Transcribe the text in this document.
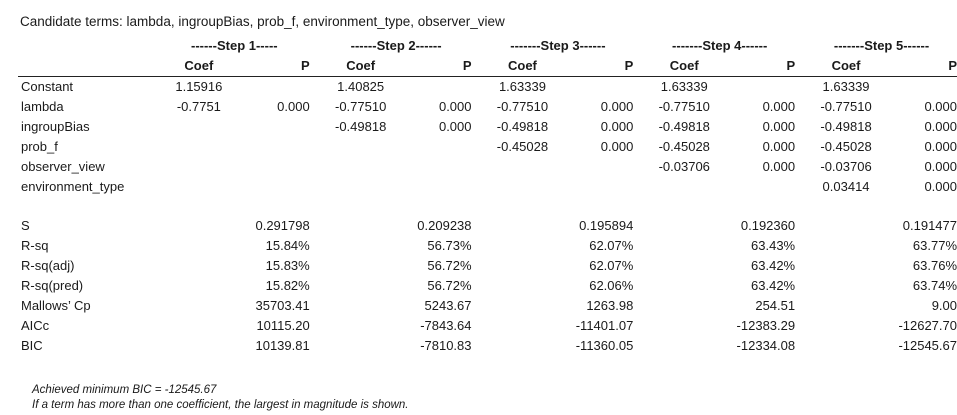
Candidate terms: lambda, ingroupBias, prob_f, environment_type, observer_view
	------Step 1-----			------Step 2------			-------Step 3------			-------Step 4------			-------Step 5------	
	Coef	P		Coef	P		Coef	P		Coef	P		Coef	P
Constant	1.15916			1.40825			1.63339			1.63339			1.63339	
lambda	-0.7751	0.000		-0.77510	0.000		-0.77510	0.000		-0.77510	0.000		-0.77510	0.000
ingroupBias				-0.49818	0.000		-0.49818	0.000		-0.49818	0.000		-0.49818	0.000
prob_f							-0.45028	0.000		-0.45028	0.000		-0.45028	0.000
observer_view										-0.03706	0.000		-0.03706	0.000
environment_type													0.03414	0.000

S	0.291798			0.209238			0.195894			0.192360			0.191477	
R-sq	15.84%			56.73%			62.07%			63.43%			63.77%	
R-sq(adj)	15.83%			56.72%			62.07%			63.42%			63.76%	
R-sq(pred)	15.82%			56.72%			62.06%			63.42%			63.74%	
Mallows’ Cp	35703.41			5243.67			1263.98			254.51			9.00	
AICc	10115.20			-7843.64			-11401.07			-12383.29			-12627.70	
BIC	10139.81			-7810.83			-11360.05			-12334.08			-12545.67	
Achieved minimum BIC = -12545.67
If a term has more than one coefficient, the largest in magnitude is shown.
